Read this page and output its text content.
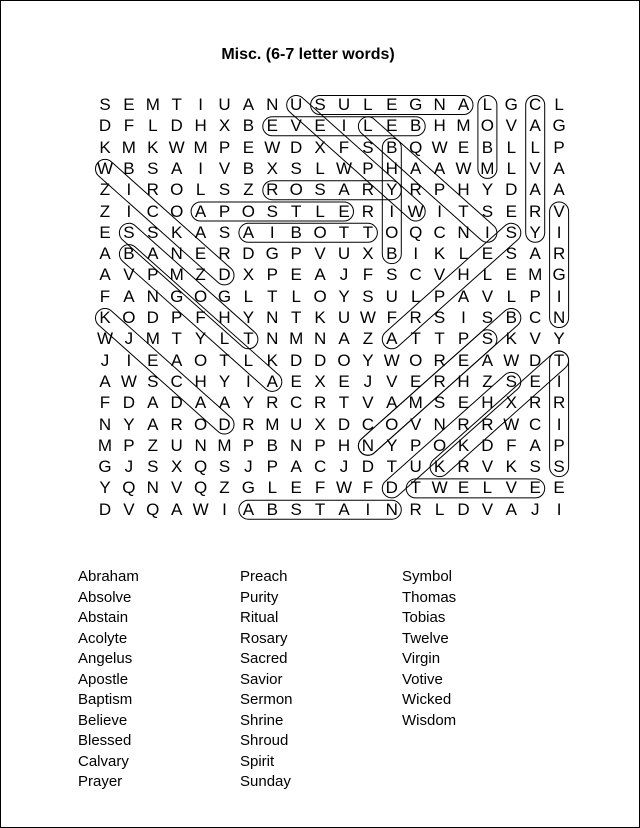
Misc. (6-7 letter words)
S E M T I U A N U S U L E G N A L G C L
D F L D H X B E V E I L E B H M O V A G
K M K W M P E W D X F S B Q W E B L L P
W B S A I V B X S L W P H A A W M L V A
Z I R O L S Z R O S A R Y R P H Y D A A
Z I C O A P O S T L E R I W I T S E R V
E S S K A S A I B O T T O Q C N I S Y I
A B A N E R D G P V U X B I K L E S A R
A V P M Z D X P E A J F S C V H L E M G
F A N G O G L T L O Y S U L P A V L P I
K O D P F H Y N T K U W F R S I S B C N
W J M T Y L T N M N A Z A T T P S K V Y
J	I E A O T L K D D O Y W O R E A W D T
A W S C H Y I A E X E J V E R H Z S E I
F D A D A A Y R C R T V A M S E H X R R
N Y A R O D R M U X D C O V N R R W C I
M P Z U N M P B N P H N Y P O K D F A P
G J S X Q S J P A C J D T U K R V K S S
Y Q N V Q Z G L E F W F D T W E L V E E
D V Q A W I A B S T A I N R L D V A J	I
Abraham
Absolve
Abstain
Acolyte
Angelus
Apostle
Baptism
Believe
Blessed
Calvary
Prayer
Preach
Purity
Ritual
Rosary
Sacred
Savior
Sermon
Shrine
Shroud
Spirit
Sunday
Symbol
Thomas
Tobias
Twelve
Virgin
Votive
Wicked
Wisdom
